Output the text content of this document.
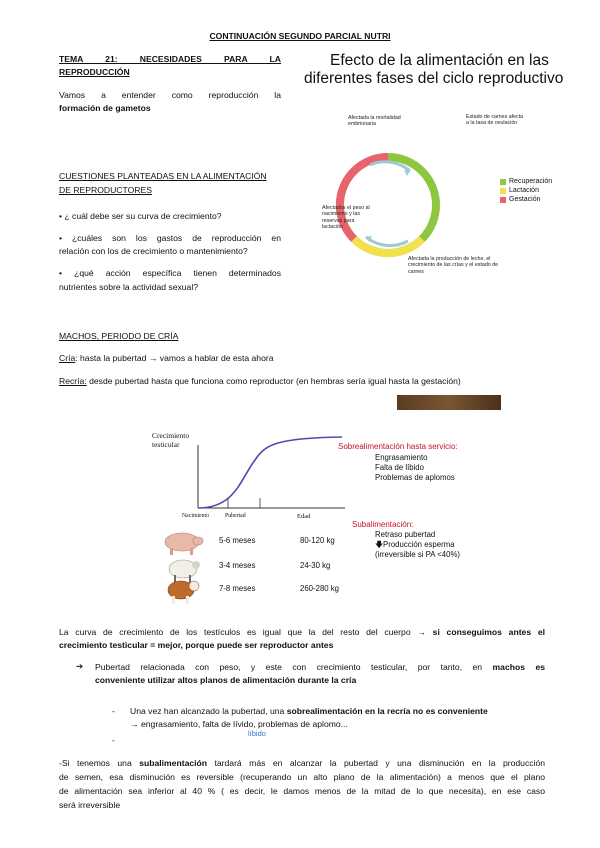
CONTINUACIÓN SEGUNDO PARCIAL NUTRI
TEMA 21: NECESIDADES PARA LA
REPRODUCCIÓN
Vamos a entender como reproducción la
formación de gametos
CUESTIONES PLANTEADAS EN LA ALIMENTACIÓN
DE REPRODUCTORES
• ¿ cuál debe ser su curva de crecimiento?
• ¿cuáles son los gastos de reproducción en
relación con los de crecimiento o mantenimiento?
• ¿qué acción específica tienen determinados
nutrientes sobre la actividad sexual?
Efecto de la alimentación en las
diferentes fases del ciclo reproductivo
Afectada la mortalidad
embrionaria
Estado de carnes afecta
a la tasa de ovulación
Afectados el peso al
nacimiento y las
reservas para
lactación
Afectada la producción de leche, el
crecimiento de las crías y el estado de
carnes
Recuperación
Lactación
Gestación
MACHOS, PERIODO DE CRÍA
Cría: hasta la pubertad → vamos a hablar de esta ahora
Recría: desde pubertad hasta que funciona como reproductor (en hembras sería igual hasta la gestación)
Crecimiento
testicular
Nacimiento	Pubertad	Edad
Sobrealimentación hasta servicio:
Engrasamiento
Falta de líbido
Problemas de aplomos
Subalimentación:
Retraso pubertad
🡇Producción esperma
(irreversible si PA <40%)
5-6 meses	80-120 kg
3-4 meses	24-30 kg
7-8 meses	260-280 kg
La curva de crecimiento de los testículos es igual que la del resto del cuerpo → si conseguimos antes el
crecimiento testicular = mejor, porque puede ser reproductor antes
➔ Pubertad relacionada con peso, y este con crecimiento testicular, por tanto, en machos es
conveniente utilizar altos planos de alimentación durante la cría
- Una vez han alcanzado la pubertad, una sobrealimentación en la recría no es conveniente
→ engrasamiento, falta de lívido, problemas de aplomo...
líbido
-
-Si tenemos una subalimentación tardará más en alcanzar la pubertad y una disminución en la producción
de semen, esa disminución es reversible (recuperando un alto plano de la alimentación) a menos que el plano
de alimentación sea inferior al 40 % ( es decir, le damos menos de la mitad de lo que necesita), en ese caso
será irreversible
